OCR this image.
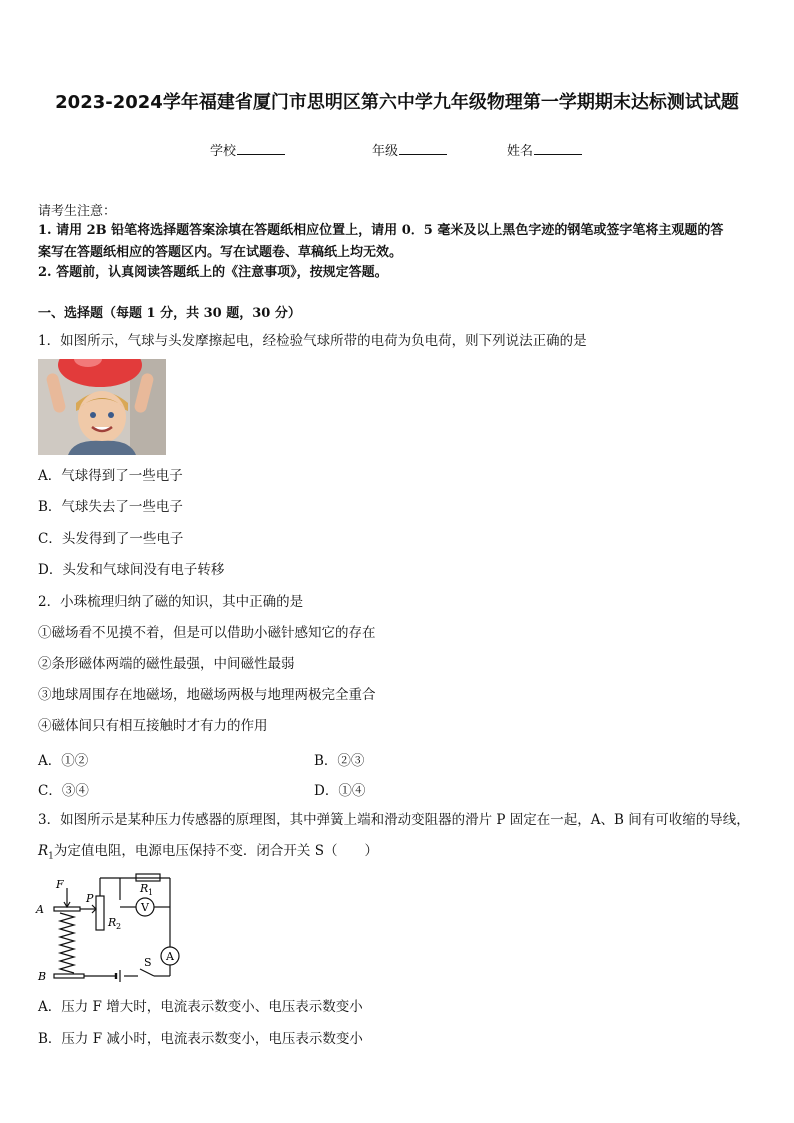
2023-2024学年福建省厦门市思明区第六中学九年级物理第一学期期末达标测试试题
学校	年级	姓名
请考生注意：
1. 请用 2B 铅笔将选择题答案涂填在答题纸相应位置上，请用 0．5 毫米及以上黑色字迹的钢笔或签字笔将主观题的答
案写在答题纸相应的答题区内。写在试题卷、草稿纸上均无效。
2. 答题前，认真阅读答题纸上的《注意事项》，按规定答题。
一、选择题（每题 1 分，共 30 题，30 分）
1．如图所示，气球与头发摩擦起电，经检验气球所带的电荷为负电荷，则下列说法正确的是
A．气球得到了一些电子
B．气球失去了一些电子
C．头发得到了一些电子
D．头发和气球间没有电子转移
2．小珠梳理归纳了磁的知识，其中正确的是
①磁场看不见摸不着，但是可以借助小磁针感知它的存在
②条形磁体两端的磁性最强，中间磁性最弱
③地球周围存在地磁场，地磁场两极与地理两极完全重合
④磁体间只有相互接触时才有力的作用
A．①②	B．②③
C．③④	D．①④
3．如图所示是某种压力传感器的原理图，其中弹簧上端和滑动变阻器的滑片 P 固定在一起，A、B 间有可收缩的导线，
$R_1$为定值电阻，电源电压保持不变．闭合开关 S（　　）
F
P
A
B
R 1
R 2
V
A
S
A．压力 F 增大时，电流表示数变小、电压表示数变小
B．压力 F 减小时，电流表示数变小，电压表示数变小
